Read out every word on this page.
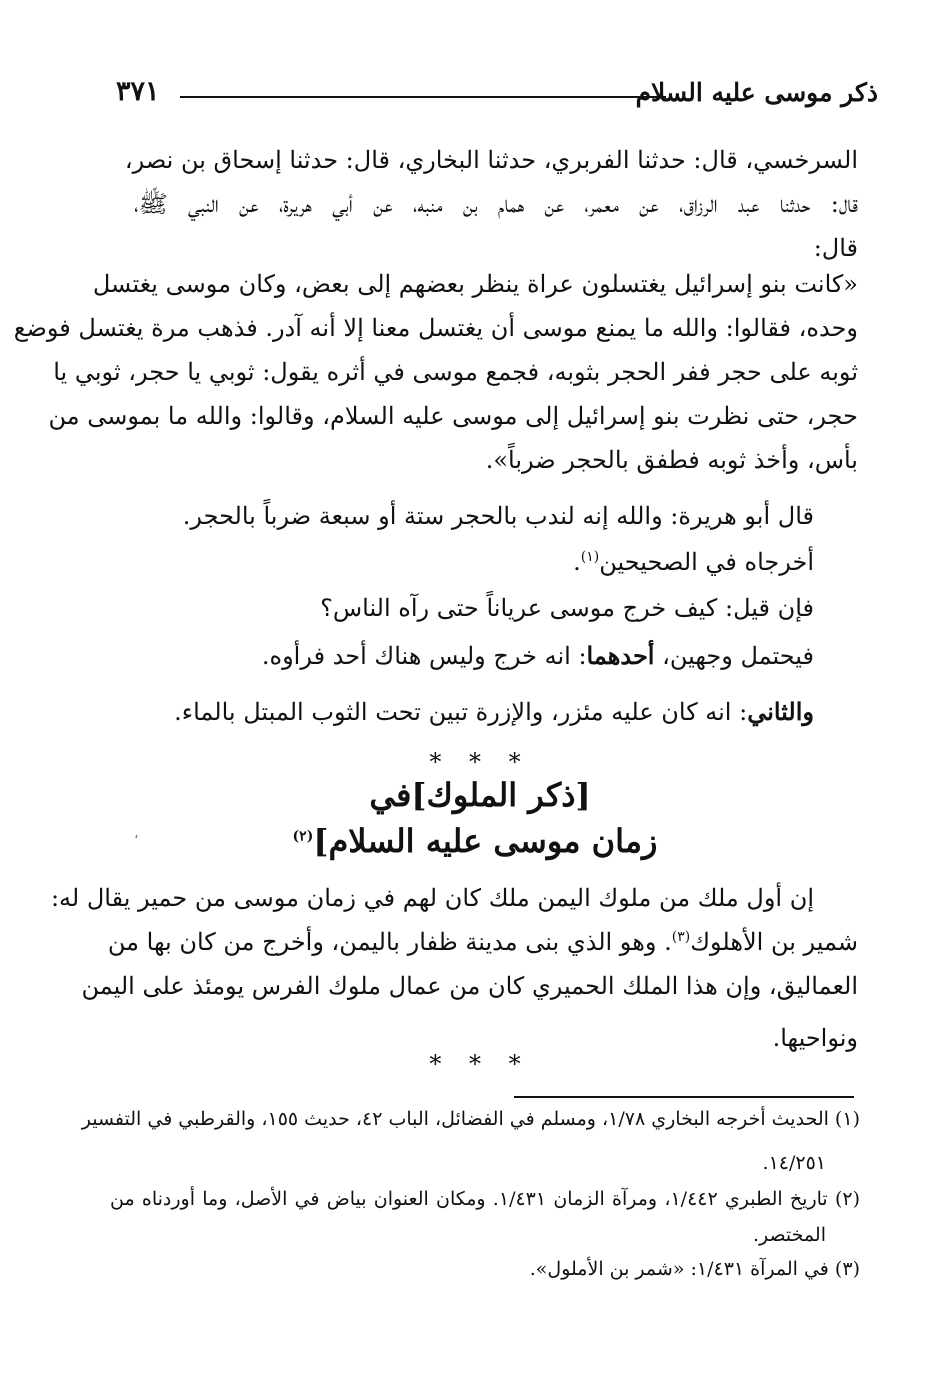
ذكر موسى عليه السلام
٣٧١
السرخسي، قال: حدثنا الفربري، حدثنا البخاري، قال: حدثنا إسحاق بن نصر،
قال: حدثنا عبد الرزاق، عن معمر، عن همام بن منبه، عن أبي هريرة، عن النبي ﷺ،
قال:
«كانت بنو إسرائيل يغتسلون عراة ينظر بعضهم إلى بعض، وكان موسى يغتسل
وحده، فقالوا: والله ما يمنع موسى أن يغتسل معنا إلا أنه آدر. فذهب مرة يغتسل فوضع
ثوبه على حجر ففر الحجر بثوبه، فجمع موسى في أثره يقول: ثوبي يا حجر، ثوبي يا
حجر، حتى نظرت بنو إسرائيل إلى موسى عليه السلام، وقالوا: والله ما بموسى من
بأس، وأخذ ثوبه فطفق بالحجر ضرباً».
قال أبو هريرة: والله إنه لندب بالحجر ستة أو سبعة ضرباً بالحجر.
أخرجاه في الصحيحين$^{(١)}$.
فإن قيل: كيف خرج موسى عرياناً حتى رآه الناس؟
فيحتمل وجهين، أحدهما: انه خرج وليس هناك أحد فرأوه.
والثاني: انه كان عليه مئزر، والإزرة تبين تحت الثوب المبتل بالماء.
* * *
[ذكر الملوك]في
زمان موسى عليه السلام]$^{(٢)}$
،
إن أول ملك من ملوك اليمن ملك كان لهم في زمان موسى من حمير يقال له:
شمير بن الأهلوك$^{(٣)}$. وهو الذي بنى مدينة ظفار باليمن، وأخرج من كان بها من
العماليق، وإن هذا الملك الحميري كان من عمال ملوك الفرس يومئذ على اليمن
ونواحيها.
* * *
(١) الحديث أخرجه البخاري ١/٧٨، ومسلم في الفضائل، الباب ٤٢، حديث ١٥٥، والقرطبي في التفسير
١٤/٢٥١.
(٢) تاريخ الطبري ١/٤٤٢، ومرآة الزمان ١/٤٣١. ومكان العنوان بياض في الأصل، وما أوردناه من
المختصر.
(٣) في المرآة ١/٤٣١: «شمر بن الأملول».
